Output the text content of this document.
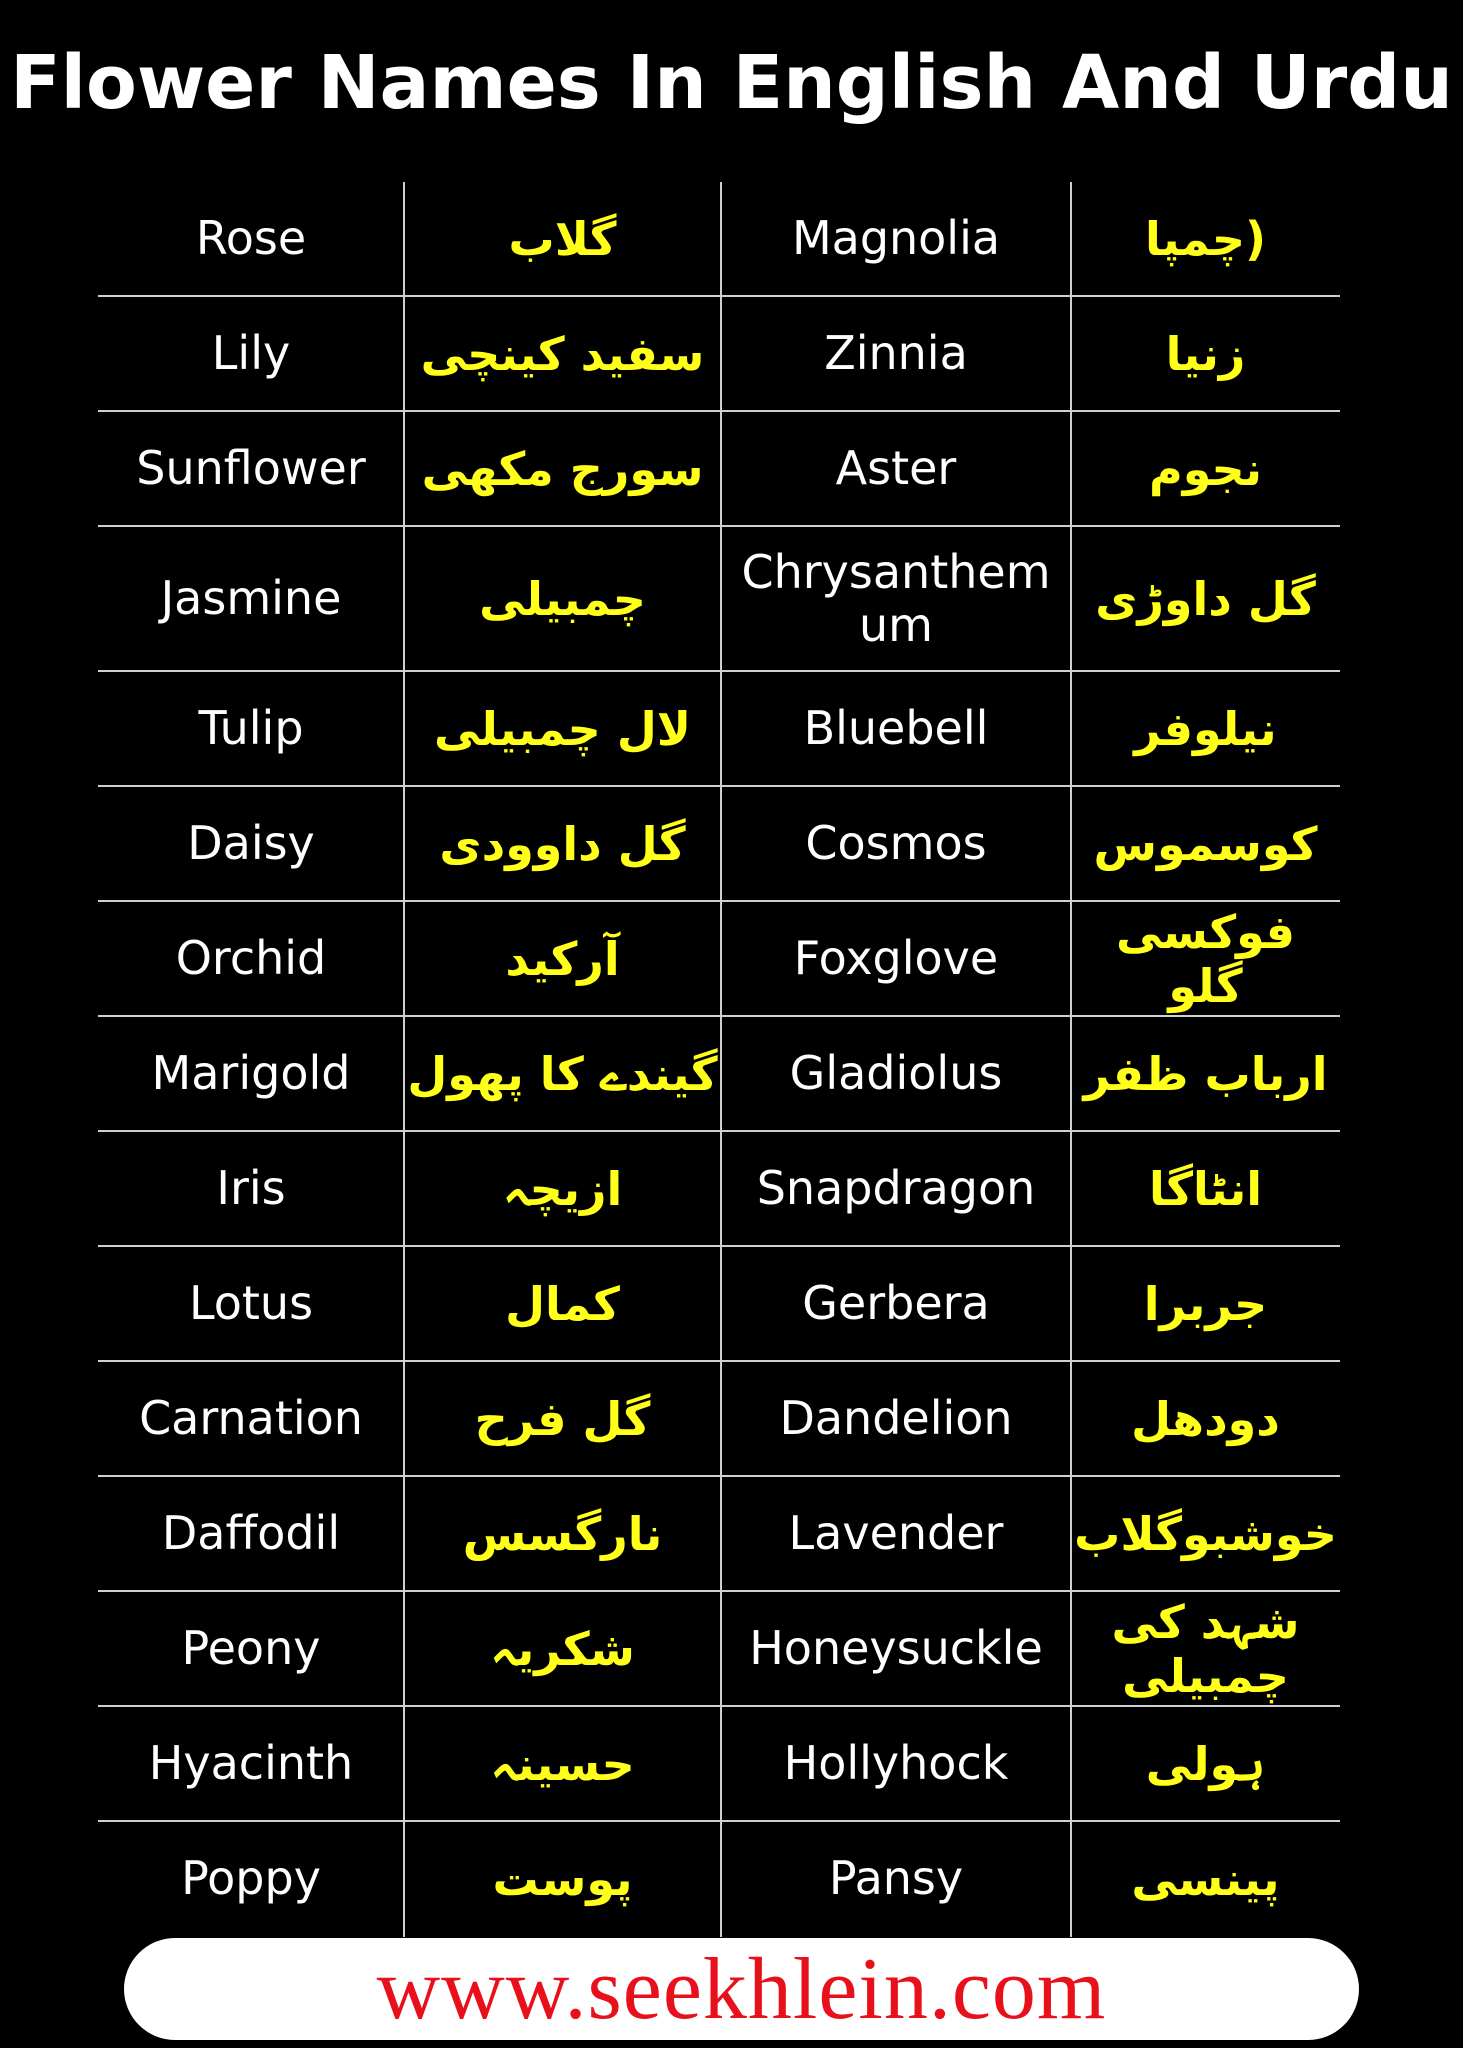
Flower Names In English And Urdu
Rose	گلاب	Magnolia	(چمپا
Lily	سفید کینچی	Zinnia	زنیا
Sunflower سورج مکھی	Aster	نجوم
Jasmine	چمبیلی Chrysanthemum	گل داوڑی
Tulip	لال چمبیلی Bluebell	نیلوفر
Daisy	گل داوودی	Cosmos کوسموس
Orchid	آرکید	Foxglove	فوکسی گلو
Marigold گیندے کا پھول Gladiolus ارباب ظفر
Iris	ازیچہ	Snapdragon انٹاگا
Lotus	کمال	Gerbera	جربرا
Carnation گل فرح	Dandelion	دودھل
Daffodil	نارگسس	Lavender خوشبوگلاب
Peony	شکریہ Honeysuckle	شہد کی چمبیلی
Hyacinth	حسینہ	Hollyhock	ہولی
Poppy	پوست	Pansy	پینسی
www.seekhlein.com
